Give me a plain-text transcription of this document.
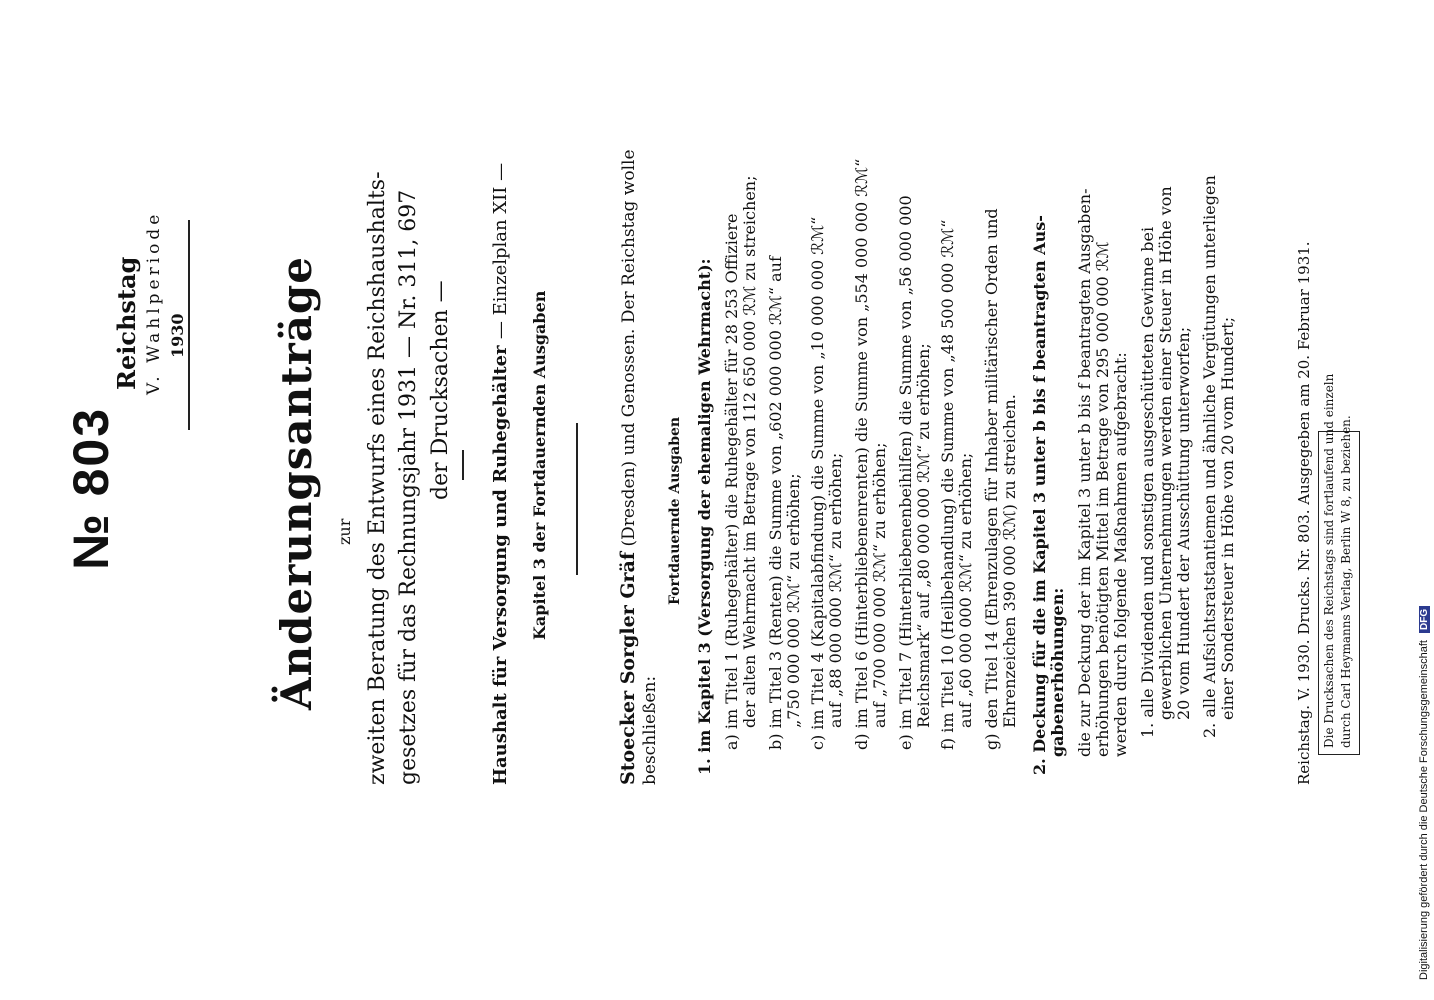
№ 803
Reichstag V. Wahlperiode 1930 Änderungsanträge zur zweiten Beratung des Entwurfs eines Reichshaushalts- gesetzes für das Rechnungsjahr 1931 — Nr. 311, 697 der Drucksachen — Haushalt für Versorgung und Ruhegehälter — Einzelplan XII —
Kapitel 3 der Fortdauernden Ausgaben
Stoecker Sorgler Gräf (Dresden) und Genossen. Der Reichstag wolle
beschließen:
Fortdauernde Ausgaben 1. im Kapitel 3 (Versorgung der ehemaligen Wehrmacht): a) im Titel 1 (Ruhegehälter) die Ruhegehälter für 28 253 Offiziere der alten Wehrmacht im Betrage von 112 650 000 ℛℳ zu streichen; b) im Titel 3 (Renten) die Summe von „602 000 000 ℛℳ“ auf „750 000 000 ℛℳ“ zu erhöhen; c) im Titel 4 (Kapitalabfindung) die Summe von „10 000 000 ℛℳ“ auf „88 000 000 ℛℳ“ zu erhöhen; d) im Titel 6 (Hinterbliebenenrenten) die Summe von „554 000 000 ℛℳ“ auf „700 000 000 ℛℳ“ zu erhöhen; e) im Titel 7 (Hinterbliebenenbeihilfen) die Summe von „56 000 000 Reichsmark“ auf „80 000 000 ℛℳ“ zu erhöhen; f) im Titel 10 (Heilbehandlung) die Summe von „48 500 000 ℛℳ“ auf „60 000 000 ℛℳ“ zu erhöhen; g) den Titel 14 (Ehrenzulagen für Inhaber militärischer Orden und Ehrenzeichen 390 000 ℛℳ) zu streichen. 2. Deckung für die im Kapitel 3 unter b bis f beantragten Aus- gabenerhöhungen: die zur Deckung der im Kapitel 3 unter b bis f beantragten Ausgaben- erhöhungen benötigten Mittel im Betrage von 295 000 000 ℛℳ werden durch folgende Maßnahmen aufgebracht: 1. alle Dividenden und sonstigen ausgeschütteten Gewinne bei gewerblichen Unternehmungen werden einer Steuer in Höhe von 20 vom Hundert der Ausschüttung unterworfen; 2. alle Aufsichtsratstantiemen und ähnliche Vergütungen unterliegen einer Sondersteuer in Höhe von 20 vom Hundert;	Reichstag. V. 1930. Drucks. Nr. 803. Ausgegeben am 20. Februar 1931. Die Drucksachen des Reichstags sind fortlaufend und einzeln durch Carl Heymanns Verlag, Berlin W 8, zu beziehen.
Digitalisierung gefördert durch die Deutsche Forschungsgemeinschaft DFG
